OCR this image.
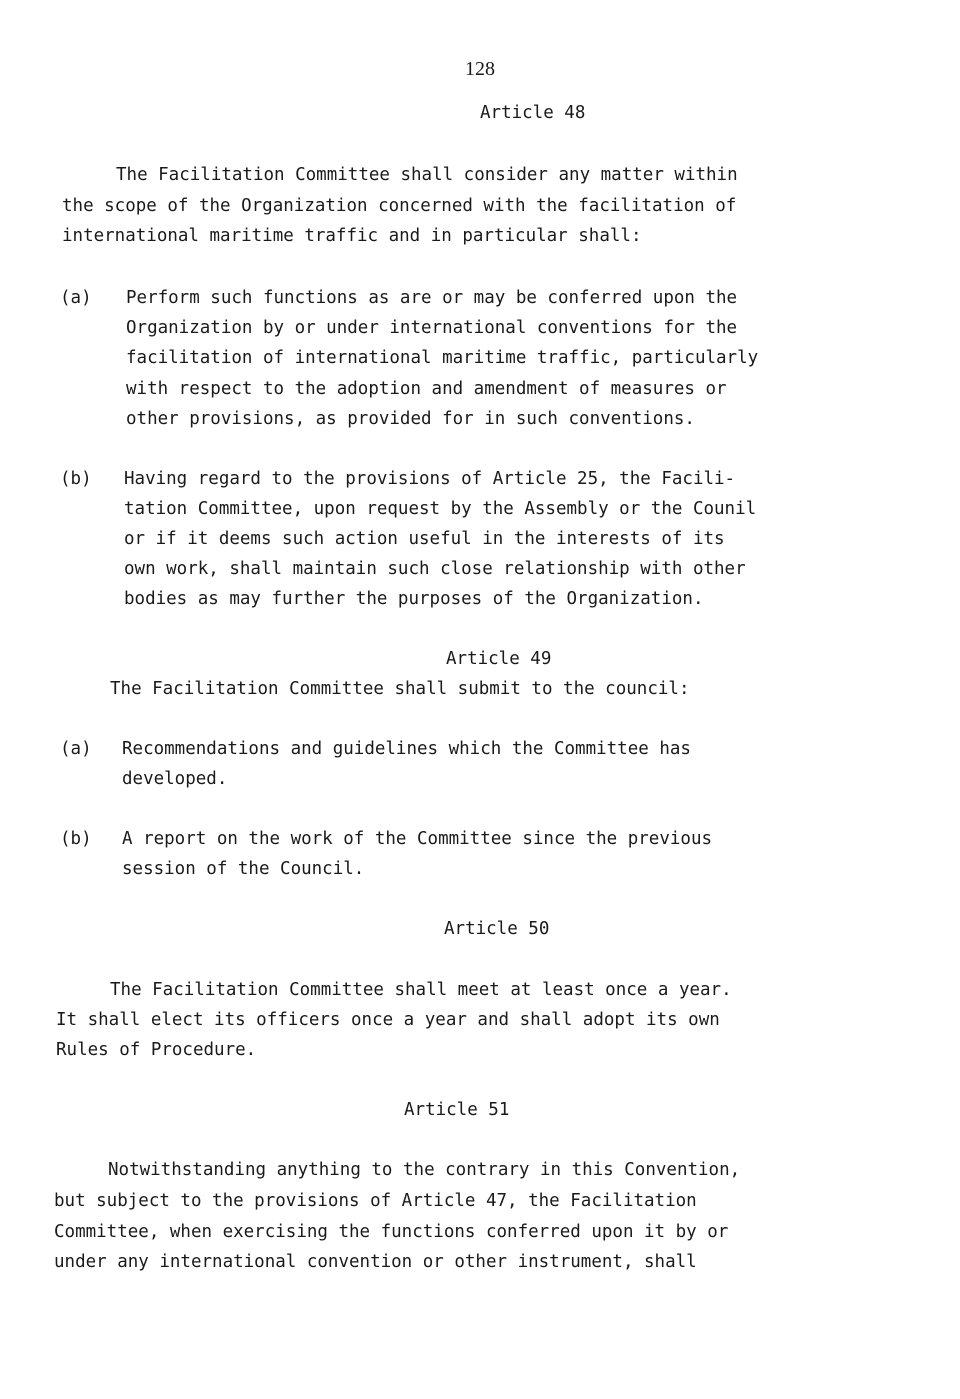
128
Article 48
The Facilitation Committee shall consider any matter within
the scope of the Organization concerned with the facilitation of
international maritime traffic and in particular shall:
(a) Perform such functions as are or may be conferred upon the
Organization by or under international conventions for the
facilitation of international maritime traffic, particularly
with respect to the adoption and amendment of measures or
other provisions, as provided for in such conventions.
(b) Having regard to the provisions of Article 25, the Facili-
tation Committee, upon request by the Assembly or the Counil
or if it deems such action useful in the interests of its
own work, shall maintain such close relationship with other
bodies as may further the purposes of the Organization.
Article 49
The Facilitation Committee shall submit to the council:
(a) Recommendations and guidelines which the Committee has
developed.
(b) A report on the work of the Committee since the previous
session of the Council.
Article 50
The Facilitation Committee shall meet at least once a year.
It shall elect its officers once a year and shall adopt its own
Rules of Procedure.
Article 51
Notwithstanding anything to the contrary in this Convention,
but subject to the provisions of Article 47, the Facilitation
Committee, when exercising the functions conferred upon it by or
under any international convention or other instrument, shall
